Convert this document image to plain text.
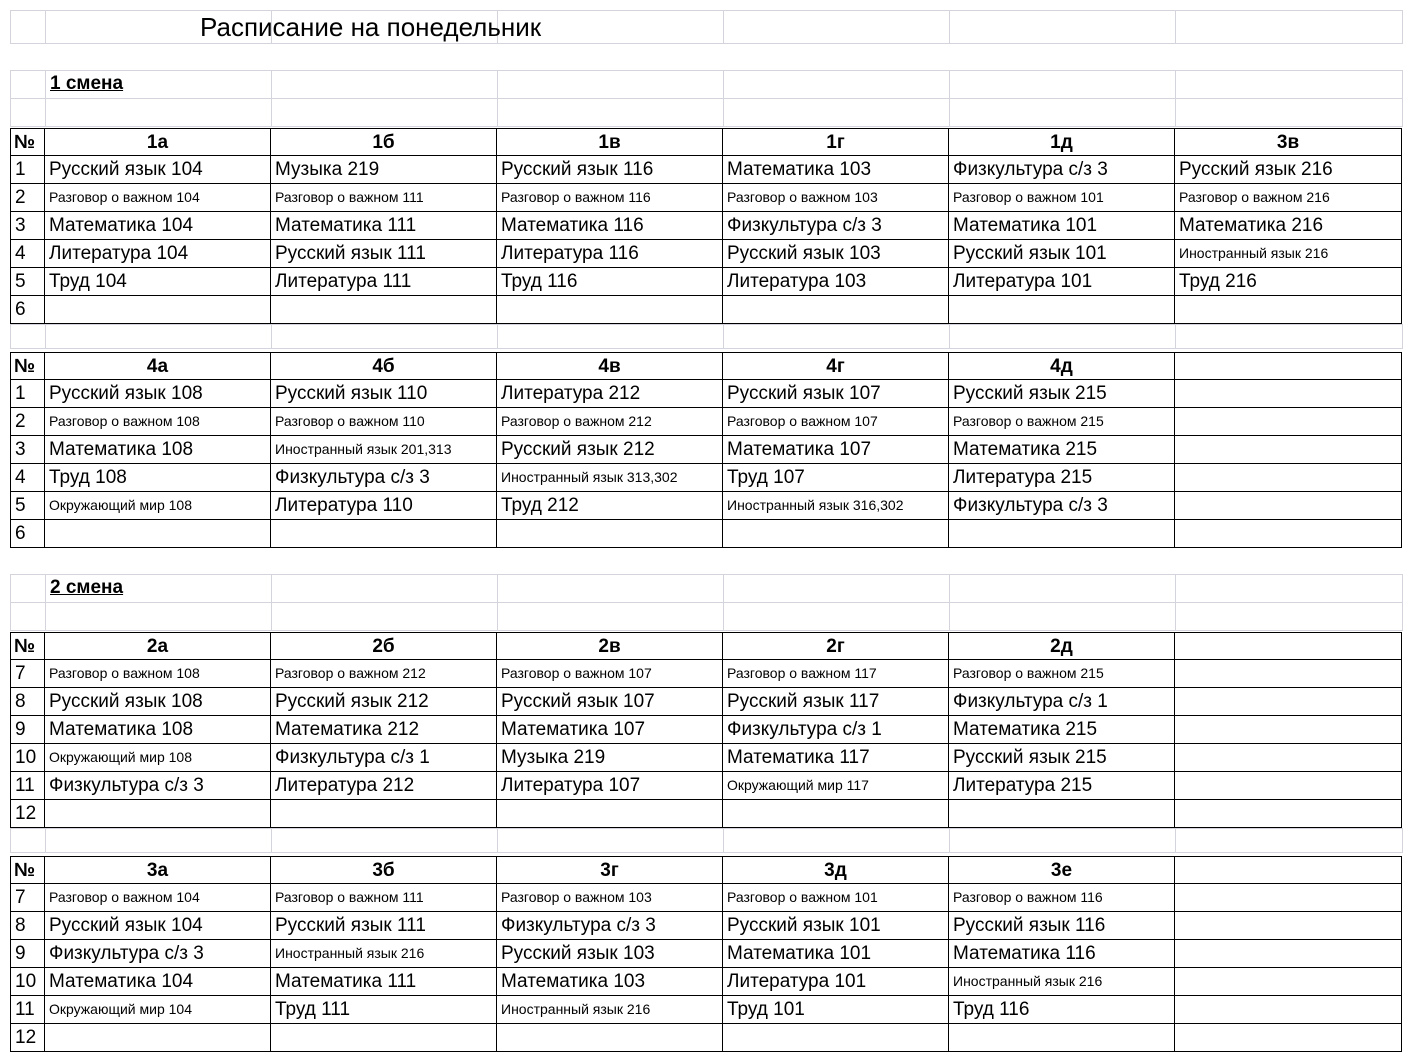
Расписание на понедельник
1 смена
№	1а	1б	1в	1г	1д	3в
1	Русский язык 104	Музыка 219	Русский язык 116	Математика 103	Физкультура с/з 3	Русский язык 216
2	Разговор о важном 104	Разговор о важном 111	Разговор о важном 116	Разговор о важном 103	Разговор о важном 101	Разговор о важном 216
3	Математика 104	Математика 111	Математика 116	Физкультура с/з 3	Математика 101	Математика 216
4	Литература 104	Русский язык 111	Литература 116	Русский язык 103	Русский язык 101	Иностранный язык 216
5	Труд 104	Литература 111	Труд 116	Литература 103	Литература 101	Труд 216
6
№	4а	4б	4в	4г	4д
1	Русский язык 108	Русский язык 110	Литература 212	Русский язык 107	Русский язык 215
2	Разговор о важном 108	Разговор о важном 110	Разговор о важном 212	Разговор о важном 107	Разговор о важном 215
3	Математика 108	Иностранный язык 201,313	Русский язык 212	Математика 107	Математика 215
4	Труд 108	Физкультура с/з 3	Иностранный язык 313,302	Труд 107	Литература 215
5	Окружающий мир 108	Литература 110	Труд 212	Иностранный язык 316,302	Физкультура с/з 3
6
2 смена
№	2а	2б	2в	2г	2д
7	Разговор о важном 108	Разговор о важном 212	Разговор о важном 107	Разговор о важном 117	Разговор о важном 215
8	Русский язык 108	Русский язык 212	Русский язык 107	Русский язык 117	Физкультура с/з 1
9	Математика 108	Математика 212	Математика 107	Физкультура с/з 1	Математика 215
10 Окружающий мир 108	Физкультура с/з 1	Музыка 219	Математика 117	Русский язык 215
11 Физкультура с/з 3	Литература 212	Литература 107	Окружающий мир 117	Литература 215
12
№	3а	3б	3г	3д	3е
7	Разговор о важном 104	Разговор о важном 111	Разговор о важном 103	Разговор о важном 101	Разговор о важном 116
8	Русский язык 104	Русский язык 111	Физкультура с/з 3	Русский язык 101	Русский язык 116
9	Физкультура с/з 3	Иностранный язык 216	Русский язык 103	Математика 101	Математика 116
10 Математика 104	Математика 111	Математика 103	Литература 101	Иностранный язык 216
11	Окружающий мир 104	Труд 111	Иностранный язык 216	Труд 101	Труд 116
12
